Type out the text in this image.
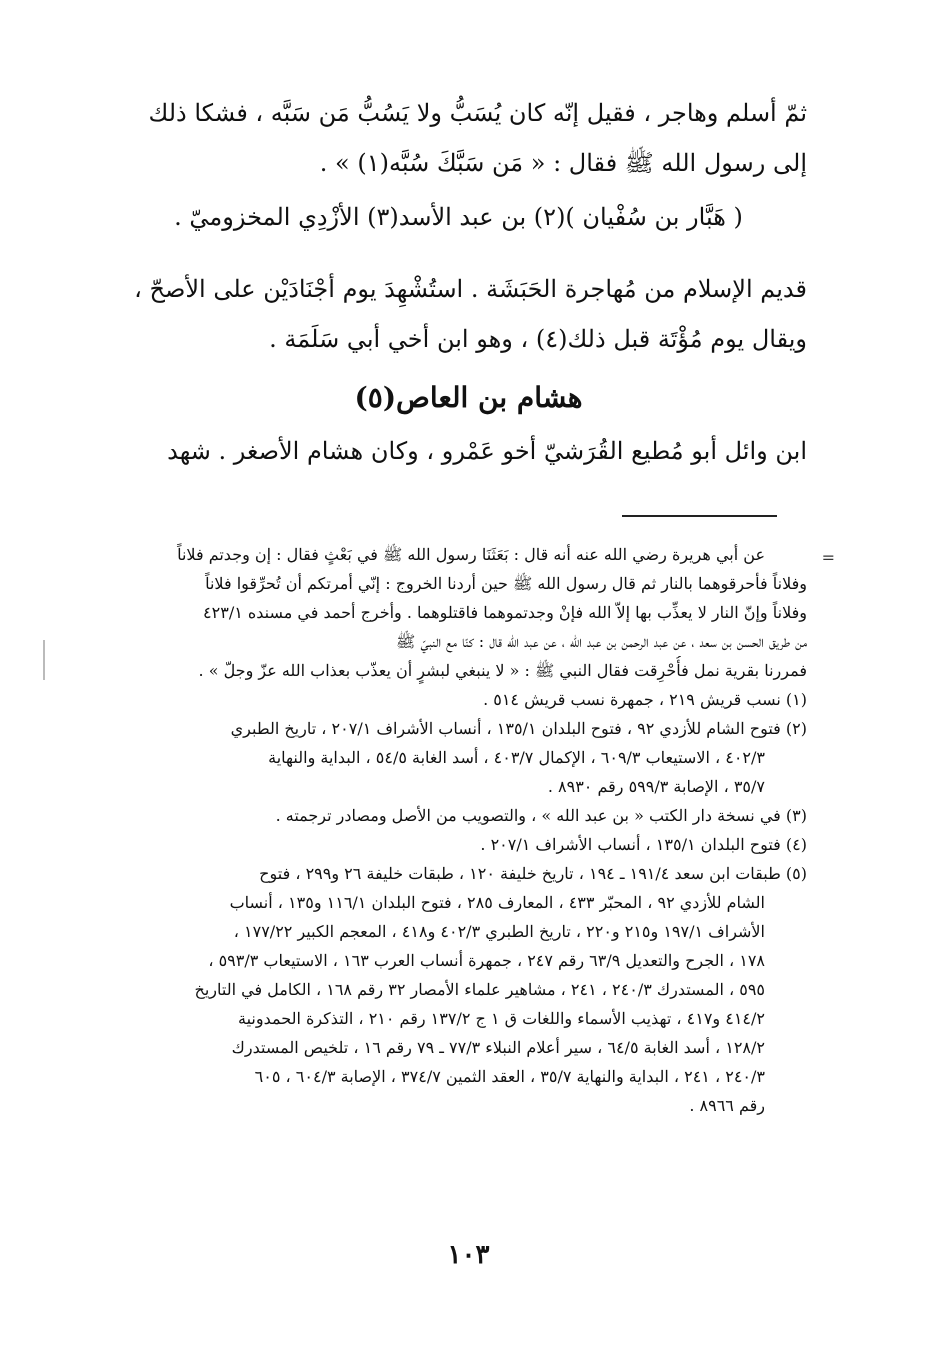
ثمّ أسلم وهاجر ، فقيل إنّه كان يُسَبُّ ولا يَسُبُّ مَن سَبَّه ، فشكا ذلك
إلى رسول الله ﷺ فقال : « مَن سَبَّكَ سُبَّه(١) » .
( هَبَّار بن سُفْيان )(٢) بن عبد الأسد(٣) الأزْدِي المخزوميّ .
قديم الإسلام من مُهاجرة الحَبَشَة . استُشْهِدَ يوم أجْنَادَيْن على الأصحّ ،
ويقال يوم مُؤْتَة قبل ذلك(٤) ، وهو ابن أخي أبي سَلَمَة .
هشام بن العاص(٥)
ابن وائل أبو مُطيع القُرَشيّ أخو عَمْرو ، وكان هشام الأصغر . شهد
=
عن أبي هريرة رضي الله عنه أنه قال : بَعَثَنَا رسول الله ﷺ في بَعْثٍ فقال : إن وجدتم فلاناً
وفلاناً فأحرقوهما بالنار ثم قال رسول الله ﷺ حين أردنا الخروج : إنّي أمرتكم أن تُحرِّقوا فلاناً
وفلاناً وإنّ النار لا يعذِّب بها إلاّ الله فإنْ وجدتموهما فاقتلوهما . وأخرج أحمد في مسنده ٤٢٣/١
من طريق الحسن بن سعد ، عن عبد الرحمن بن عبد الله ، عن عبد الله قال : كنّا مع النبيّ ﷺ
فمررنا بقرية نمل فأُحْرِقت فقال النبي ﷺ : « لا ينبغي لبشرٍ أن يعذّب بعذاب الله عزّ وجلّ » .
(١) نسب قريش ٢١٩ ، جمهرة نسب قريش ٥١٤ .
(٢) فتوح الشام للأزدي ٩٢ ، فتوح البلدان ١٣٥/١ ، أنساب الأشراف ٢٠٧/١ ، تاريخ الطبري
٤٠٢/٣ ، الاستيعاب ٦٠٩/٣ ، الإكمال ٤٠٣/٧ ، أسد الغابة ٥٤/٥ ، البداية والنهاية
٣٥/٧ ، الإصابة ٥٩٩/٣ رقم ٨٩٣٠ .
(٣) في نسخة دار الكتب « بن عبد الله » ، والتصويب من الأصل ومصادر ترجمته .
(٤) فتوح البلدان ١٣٥/١ ، أنساب الأشراف ٢٠٧/١ .
(٥) طبقات ابن سعد ١٩١/٤ ـ ١٩٤ ، تاريخ خليفة ١٢٠ ، طبقات خليفة ٢٦ و٢٩٩ ، فتوح
الشام للأزدي ٩٢ ، المحبّر ٤٣٣ ، المعارف ٢٨٥ ، فتوح البلدان ١١٦/١ و١٣٥ ، أنساب
الأشراف ١٩٧/١ و٢١٥ و٢٢٠ ، تاريخ الطبري ٤٠٢/٣ و٤١٨ ، المعجم الكبير ١٧٧/٢٢ ،
١٧٨ ، الجرح والتعديل ٦٣/٩ رقم ٢٤٧ ، جمهرة أنساب العرب ١٦٣ ، الاستيعاب ٥٩٣/٣ ،
٥٩٥ ، المستدرك ٢٤٠/٣ ، ٢٤١ ، مشاهير علماء الأمصار ٣٢ رقم ١٦٨ ، الكامل في التاريخ
٤١٤/٢ و٤١٧ ، تهذيب الأسماء واللغات ق ١ ج ١٣٧/٢ رقم ٢١٠ ، التذكرة الحمدونية
١٢٨/٢ ، أسد الغابة ٦٤/٥ ، سير أعلام النبلاء ٧٧/٣ ـ ٧٩ رقم ١٦ ، تلخيص المستدرك
٢٤٠/٣ ، ٢٤١ ، البداية والنهاية ٣٥/٧ ، العقد الثمين ٣٧٤/٧ ، الإصابة ٦٠٤/٣ ، ٦٠٥
رقم ٨٩٦٦ .
١٠٣
